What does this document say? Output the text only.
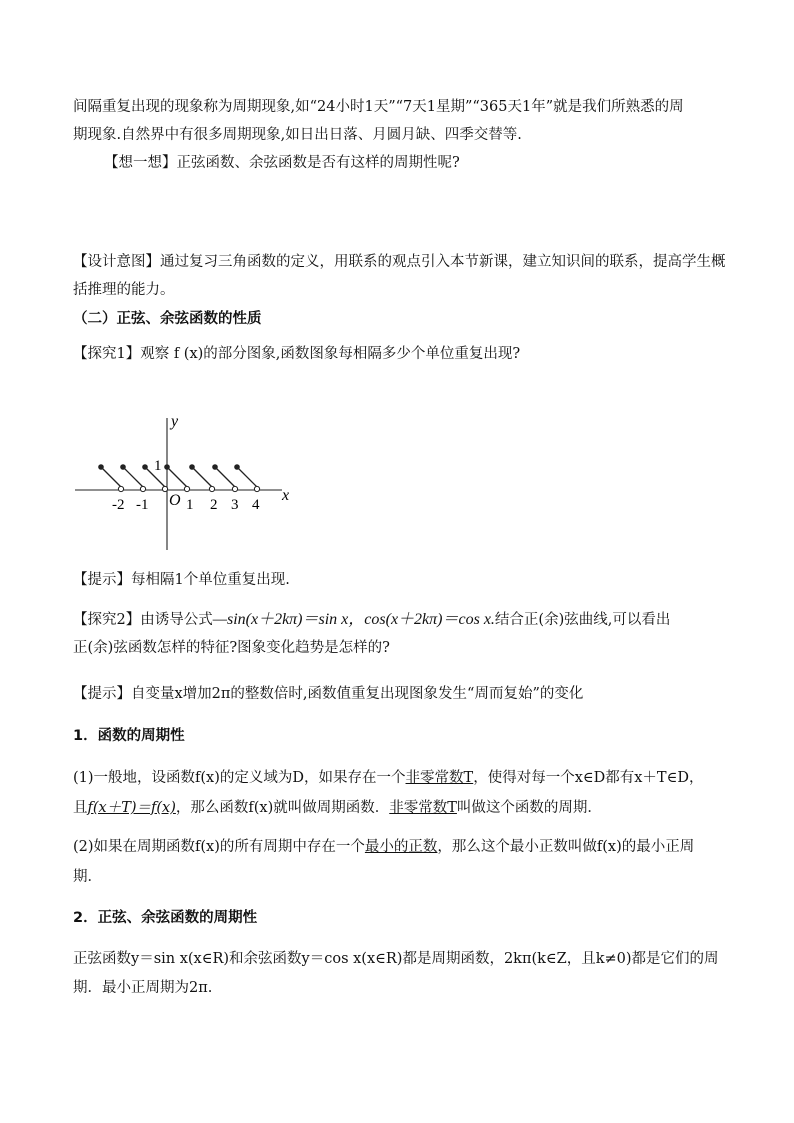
间隔重复出现的现象称为周期现象,如“24小时1天”“7天1星期”“365天1年”就是我们所熟悉的周
期现象.自然界中有很多周期现象,如日出日落、月圆月缺、四季交替等.
【想一想】正弦函数、余弦函数是否有这样的周期性呢?
【设计意图】通过复习三角函数的定义，用联系的观点引入本节新课，建立知识间的联系，提高学生概
括推理的能力。
（二）正弦、余弦函数的性质
【探究1】观察 f (x)的部分图象,函数图象每相隔多少个单位重复出现?
y
x
O
1
-2 -1	1 2 3 4
【提示】每相隔1个单位重复出现.
【探究2】由诱导公式—sin(x＋2kπ)＝sin x，cos(x＋2kπ)＝cos x.结合正(余)弦曲线,可以看出
正(余)弦函数怎样的特征?图象变化趋势是怎样的?
【提示】自变量x增加2π的整数倍时,函数值重复出现图象发生“周而复始”的变化
1．函数的周期性
(1)一般地，设函数f(x)的定义域为D，如果存在一个非零常数T，使得对每一个x∈D都有x＋T∈D，
且f(x＋T)＝f(x)，那么函数f(x)就叫做周期函数．非零常数T叫做这个函数的周期．
(2)如果在周期函数f(x)的所有周期中存在一个最小的正数，那么这个最小正数叫做f(x)的最小正周
期．
2．正弦、余弦函数的周期性
正弦函数y＝sin x(x∈R)和余弦函数y＝cos x(x∈R)都是周期函数，2kπ(k∈Z，且k≠0)都是它们的周
期．最小正周期为2π.
